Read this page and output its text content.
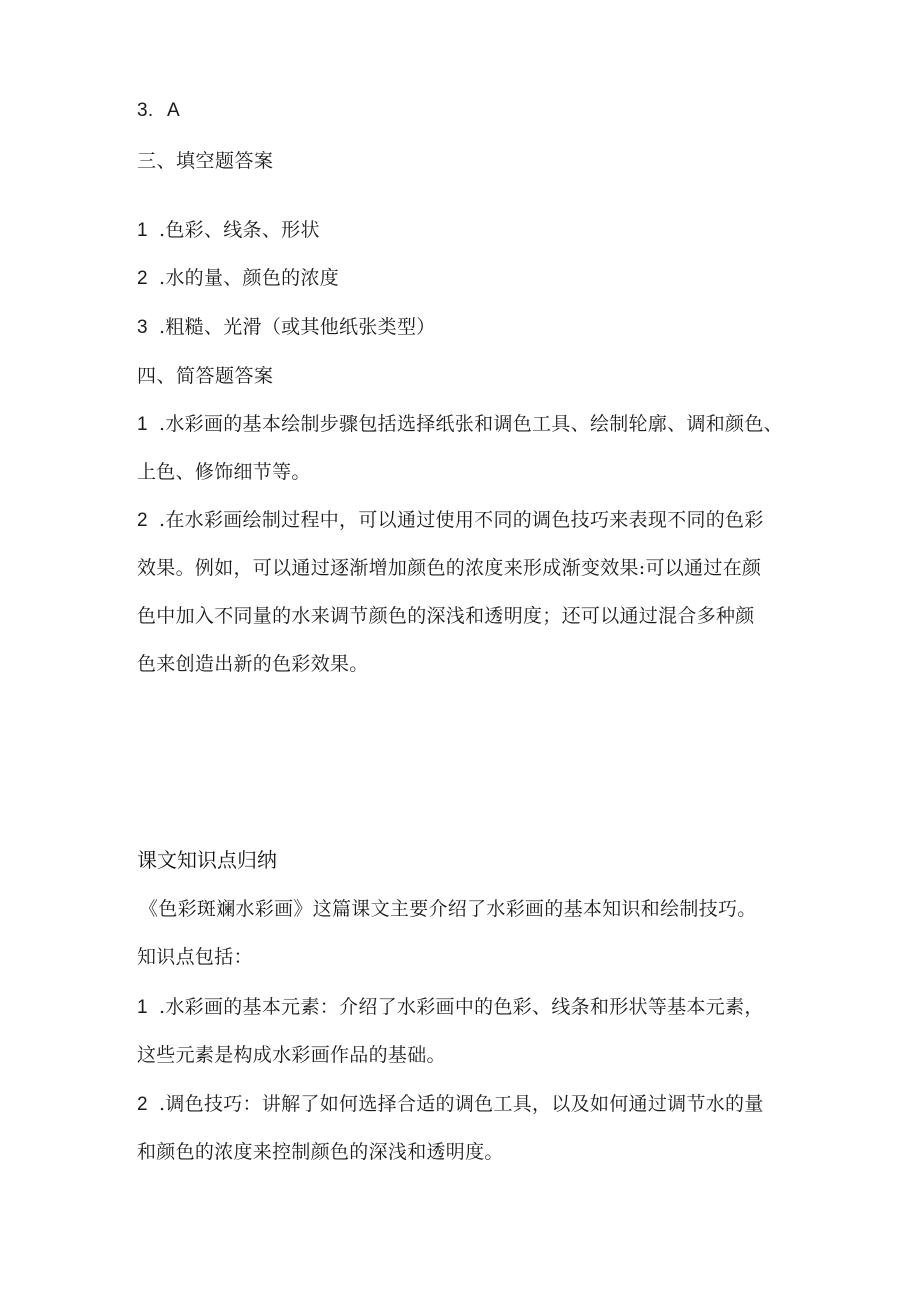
3. A
三、填空题答案
1 .色彩、线条、形状
2 .水的量、颜色的浓度
3 .粗糙、光滑（或其他纸张类型）
四、简答题答案
1 .水彩画的基本绘制步骤包括选择纸张和调色工具、绘制轮廓、调和颜色、
上色、修饰细节等。
2 .在水彩画绘制过程中，可以通过使用不同的调色技巧来表现不同的色彩
效果。例如，可以通过逐渐增加颜色的浓度来形成渐变效果:可以通过在颜
色中加入不同量的水来调节颜色的深浅和透明度；还可以通过混合多种颜
色来创造出新的色彩效果。
课文知识点归纳
《色彩斑斓水彩画》这篇课文主要介绍了水彩画的基本知识和绘制技巧。
知识点包括：
1 .水彩画的基本元素：介绍了水彩画中的色彩、线条和形状等基本元素，
这些元素是构成水彩画作品的基础。
2 .调色技巧：讲解了如何选择合适的调色工具，以及如何通过调节水的量
和颜色的浓度来控制颜色的深浅和透明度。
